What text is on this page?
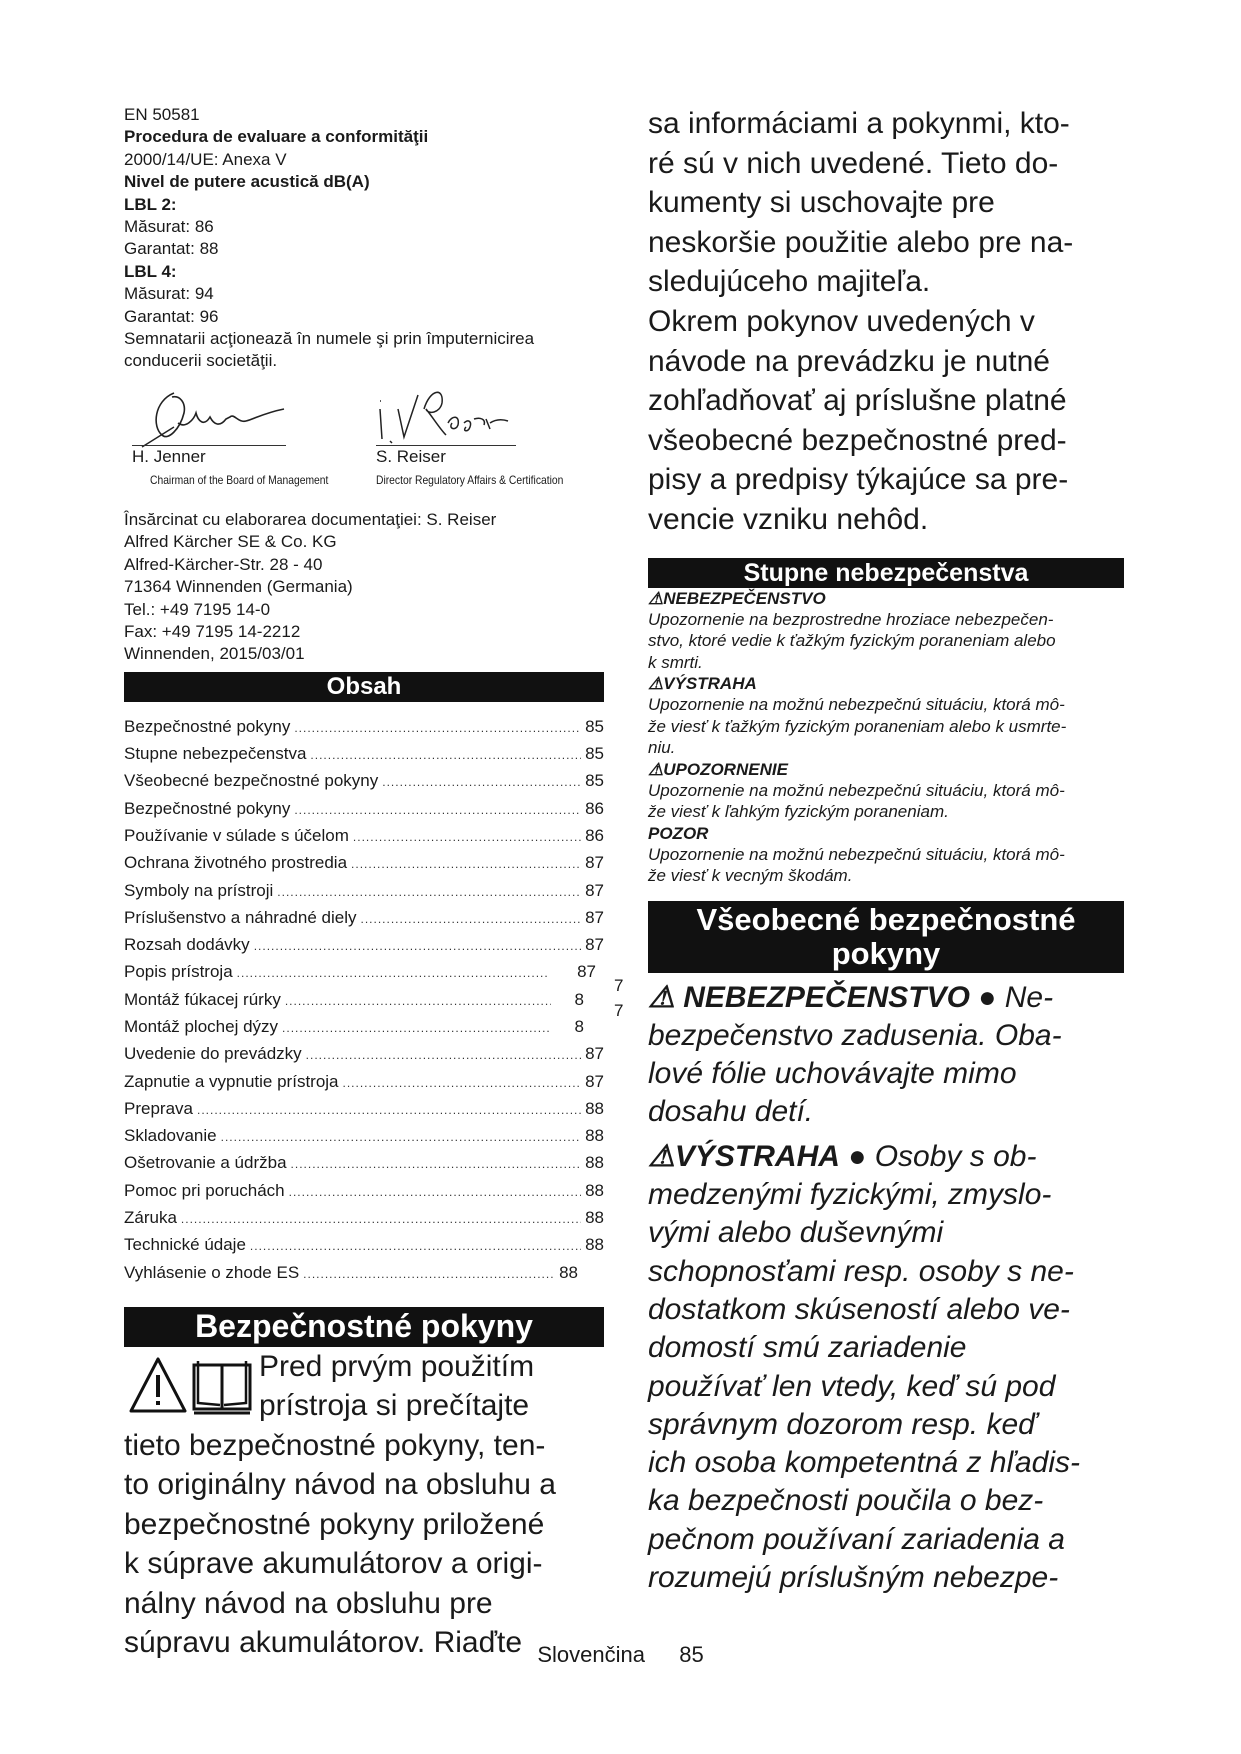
EN 50581
Procedura de evaluare a conformităţii
2000/14/UE: Anexa V
Nivel de putere acustică dB(A)
LBL 2:
Măsurat: 86
Garantat: 88
LBL 4:
Măsurat: 94
Garantat: 96
Semnatarii acţionează în numele şi prin împuternicirea
conducerii societăţii.
H. Jenner
Chairman of the Board of Management
S. Reiser
Director Regulatory Affairs & Certification
Însărcinat cu elaborarea documentaţiei: S. Reiser
Alfred Kärcher SE & Co. KG
Alfred-Kärcher-Str. 28 - 40
71364 Winnenden (Germania)
Tel.: +49 7195 14-0
Fax: +49 7195 14-2212
Winnenden, 2015/03/01
Obsah
Bezpečnostné pokyny .....	85
Stupne nebezpečenstva .....	85
Všeobecné bezpečnostné pokyny .....	85
Bezpečnostné pokyny .....	86
Používanie v súlade s účelom .....	86
Ochrana životného prostredia .....	87
Symboly na prístroji .....	87
Príslušenstvo a náhradné diely .....	87
Rozsah dodávky .....	87
Popis prístroja .....	87
Montáž fúkacej rúrky .....	8
Montáž plochej dýzy .....	8
Uvedenie do prevádzky .....	87
Zapnutie a vypnutie prístroja .....	87
Preprava .....	88
Skladovanie .....	88
Ošetrovanie a údržba .....	88
Pomoc pri poruchách .....	88
Záruka .....	88
Technické údaje .....	88
Vyhlásenie o zhode ES .....	88
Bezpečnostné pokyny
Pred prvým použitím
prístroja si prečítajte
tieto bezpečnostné pokyny, ten-
to originálny návod na obsluhu a
bezpečnostné pokyny priložené
k súprave akumulátorov a origi-
nálny návod na obsluhu pre
súpravu akumulátorov. Riaďte
7
7
sa informáciami a pokynmi, kto-
ré sú v nich uvedené. Tieto do-
kumenty si uschovajte pre
neskoršie použitie alebo pre na-
sledujúceho majiteľa.
Okrem pokynov uvedených v
návode na prevádzku je nutné
zohľadňovať aj príslušne platné
všeobecné bezpečnostné pred-
pisy a predpisy týkajúce sa pre-
vencie vzniku nehôd.
Stupne nebezpečenstva
⚠NEBEZPEČENSTVO
Upozornenie na bezprostredne hroziace nebezpečen-
stvo, ktoré vedie k ťažkým fyzickým poraneniam alebo
k smrti.
⚠VÝSTRAHA
Upozornenie na možnú nebezpečnú situáciu, ktorá mô-
že viesť k ťažkým fyzickým poraneniam alebo k usmrte-
niu.
⚠UPOZORNENIE
Upozornenie na možnú nebezpečnú situáciu, ktorá mô-
že viesť k ľahkým fyzickým poraneniam.
POZOR
Upozornenie na možnú nebezpečnú situáciu, ktorá mô-
že viesť k vecným škodám.
Všeobecné bezpečnostné
pokyny
⚠ NEBEZPEČENSTVO ● Ne-
bezpečenstvo zadusenia. Oba-
lové fólie uchovávajte mimo
dosahu detí.
⚠VÝSTRAHA ● Osoby s ob-
medzenými fyzickými, zmyslo-
vými alebo duševnými
schopnosťami resp. osoby s ne-
dostatkom skúseností alebo ve-
domostí smú zariadenie
používať len vtedy, keď sú pod
správnym dozorom resp. keď
ich osoba kompetentná z hľadis-
ka bezpečnosti poučila o bez-
pečnom používaní zariadenia a
rozumejú príslušným nebezpe-
Slovenčina 85
